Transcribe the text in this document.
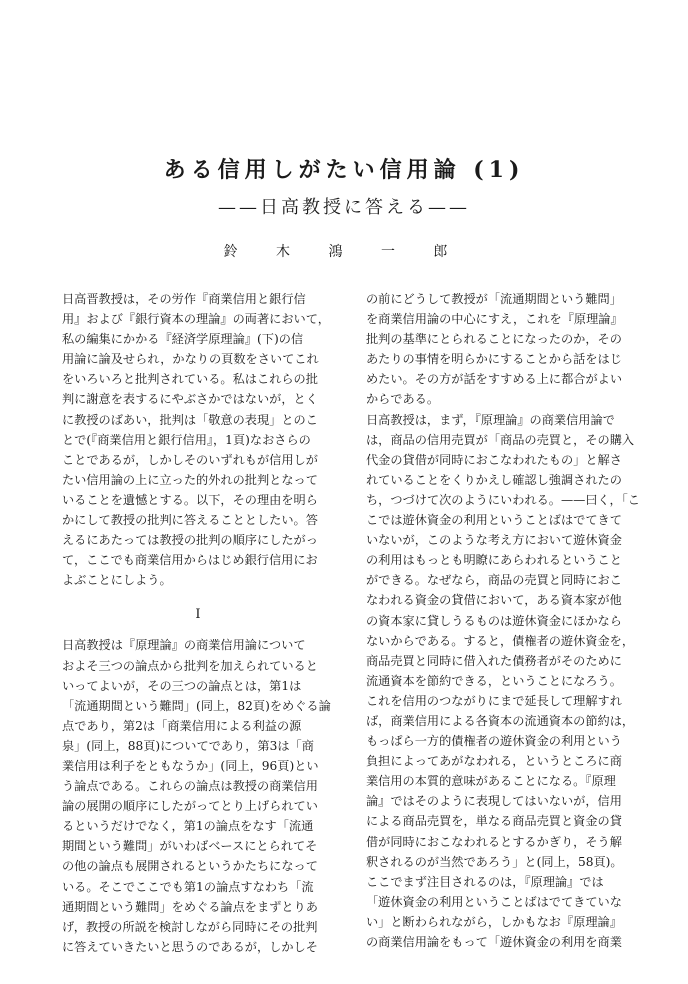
ある信用しがたい信用論 (1)
——日高教授に答える——
鈴 木 鴻 一 郎
日高晋教授は，その労作『商業信用と銀行信
用』および『銀行資本の理論』の両著において，
私の編集にかかる『経済学原理論』(下)の信
用論に論及せられ，かなりの頁数をさいてこれ
をいろいろと批判されている。私はこれらの批
判に謝意を表するにやぶさかではないが，とく
に教授のばあい，批判は「敬意の表現」とのこ
とで(『商業信用と銀行信用』，1頁)なおさらの
ことであるが，しかしそのいずれもが信用しが
たい信用論の上に立った的外れの批判となって
いることを遺憾とする。以下，その理由を明ら
かにして教授の批判に答えることとしたい。答
えるにあたっては教授の批判の順序にしたがっ
て，ここでも商業信用からはじめ銀行信用にお
よぶことにしよう。
I
日高教授は『原理論』の商業信用論について
およそ三つの論点から批判を加えられていると
いってよいが，その三つの論点とは，第1は
「流通期間という難問」(同上，82頁)をめぐる論
点であり，第2は「商業信用による利益の源
泉」(同上，88頁)についてであり，第3は「商
業信用は利子をともなうか」(同上，96頁)とい
う論点である。これらの論点は教授の商業信用
論の展開の順序にしたがってとり上げられてい
るというだけでなく，第1の論点をなす「流通
期間という難問」がいわばベースにとられてそ
の他の論点も展開されるというかたちになって
いる。そこでここでも第1の論点すなわち「流
通期間という難問」をめぐる論点をまずとりあ
げ，教授の所説を検討しながら同時にその批判
に答えていきたいと思うのであるが，しかしそ
の前にどうして教授が「流通期間という難問」
を商業信用論の中心にすえ，これを『原理論』
批判の基準にとられることになったのか，その
あたりの事情を明らかにすることから話をはじ
めたい。その方が話をすすめる上に都合がよい
からである。
日高教授は，まず，『原理論』の商業信用論で
は，商品の信用売買が「商品の売買と，その購入
代金の貸借が同時におこなわれたもの」と解さ
れていることをくりかえし確認し強調されたの
ち，つづけて次のようにいわれる。——曰く，「こ
こでは遊休資金の利用ということばはでてきて
いないが，このような考え方において遊休資金
の利用はもっとも明瞭にあらわれるということ
ができる。なぜなら，商品の売買と同時におこ
なわれる資金の貸借において，ある資本家が他
の資本家に貸しうるものは遊休資金にほかなら
ないからである。すると，債権者の遊休資金を，
商品売買と同時に借入れた債務者がそのために
流通資本を節約できる，ということになろう。
これを信用のつながりにまで延長して理解すれ
ば，商業信用による各資本の流通資本の節約は，
もっぱら一方的債権者の遊休資金の利用という
負担によってあがなわれる，というところに商
業信用の本質的意味があることになる。『原理
論』ではそのように表現してはいないが，信用
による商品売買を，単なる商品売買と資金の貸
借が同時におこなわれるとするかぎり，そう解
釈されるのが当然であろう」と(同上，58頁)。
ここでまず注目されるのは，『原理論』では
「遊休資金の利用ということばはでてきていな
い」と断わられながら，しかもなお『原理論』
の商業信用論をもって「遊休資金の利用を商業
